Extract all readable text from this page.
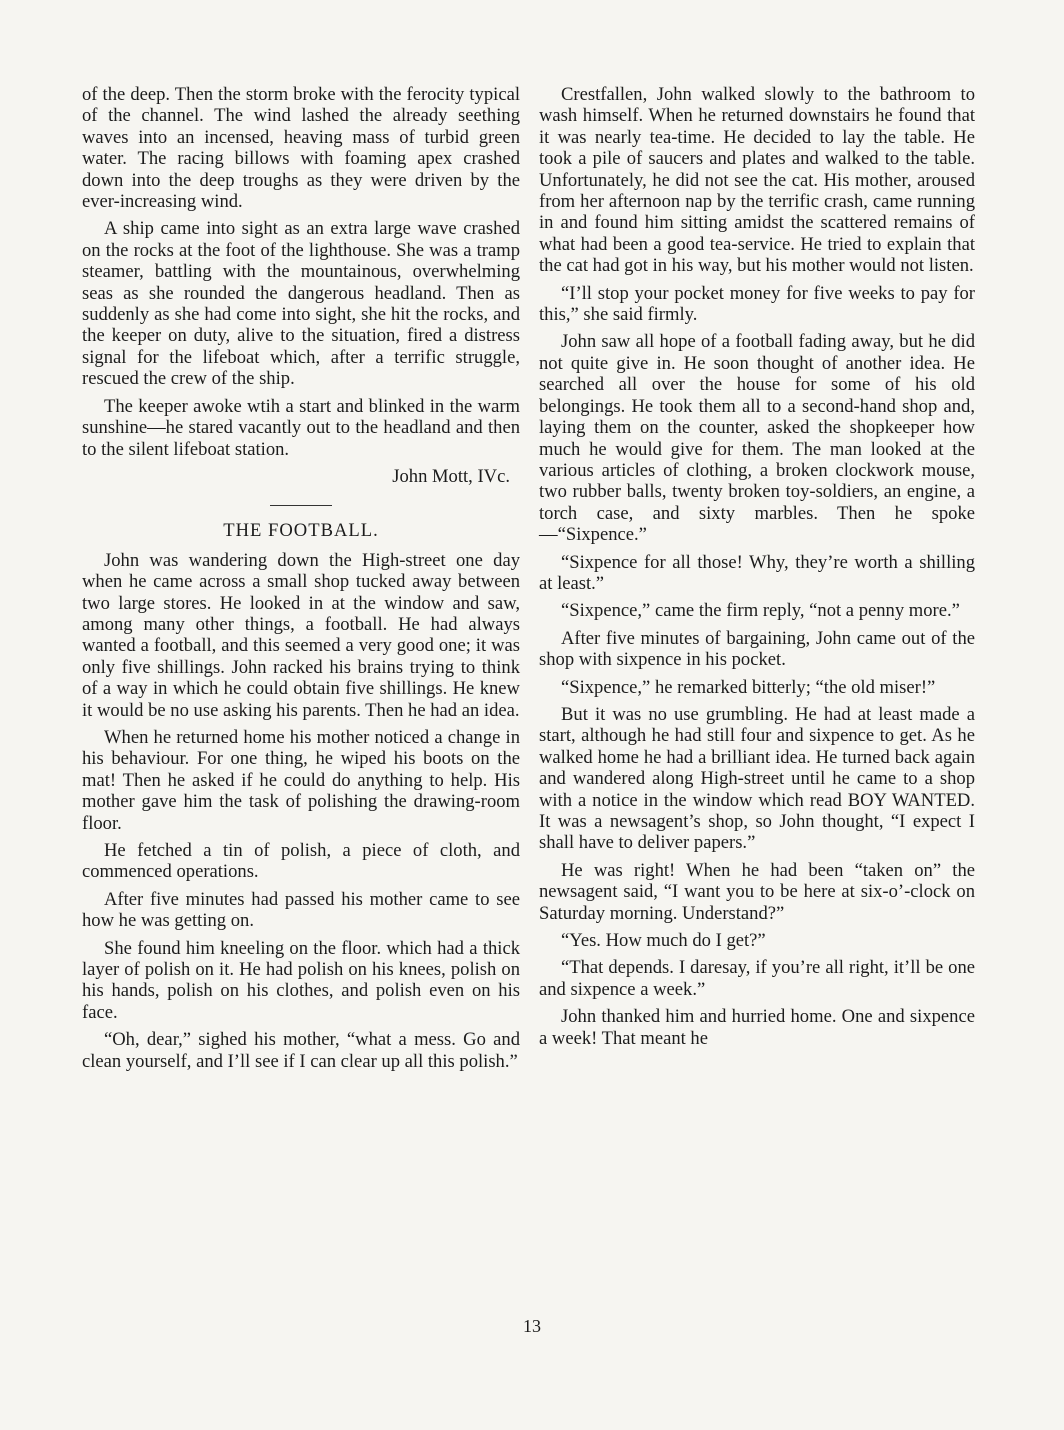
of the deep. Then the storm broke with the ferocity typical of the channel. The wind lashed the already seething waves into an incensed, heaving mass of turbid green water. The racing billows with foaming apex crashed down into the deep troughs as they were driven by the ever-increasing wind.

A ship came into sight as an extra large wave crashed on the rocks at the foot of the lighthouse. She was a tramp steamer, battling with the mountainous, overwhelming seas as she rounded the dangerous headland. Then as suddenly as she had come into sight, she hit the rocks, and the keeper on duty, alive to the situation, fired a distress signal for the lifeboat which, after a terrific struggle, rescued the crew of the ship.

The keeper awoke wtih a start and blinked in the warm sunshine—he stared vacantly out to the headland and then to the silent lifeboat station.

John Mott, IVc.
THE FOOTBALL.

John was wandering down the High-street one day when he came across a small shop tucked away between two large stores. He looked in at the window and saw, among many other things, a football. He had always wanted a football, and this seemed a very good one; it was only five shillings. John racked his brains trying to think of a way in which he could obtain five shillings. He knew it would be no use asking his parents. Then he had an idea.

When he returned home his mother noticed a change in his behaviour. For one thing, he wiped his boots on the mat! Then he asked if he could do anything to help. His mother gave him the task of polishing the drawing-room floor.

He fetched a tin of polish, a piece of cloth, and commenced operations.

After five minutes had passed his mother came to see how he was getting on.

She found him kneeling on the floor. which had a thick layer of polish on it. He had polish on his knees, polish on his hands, polish on his clothes, and polish even on his face.

“Oh, dear,” sighed his mother, “what a mess. Go and clean yourself, and I’ll see if I can clear up all this polish.”

Crestfallen, John walked slowly to the bathroom to wash himself. When he returned downstairs he found that it was nearly tea-time. He decided to lay the table. He took a pile of saucers and plates and walked to the table. Unfortunately, he did not see the cat. His mother, aroused from her afternoon nap by the terrific crash, came running in and found him sitting amidst the scattered remains of what had been a good tea-service. He tried to explain that the cat had got in his way, but his mother would not listen.

“I’ll stop your pocket money for five weeks to pay for this,” she said firmly.

John saw all hope of a football fading away, but he did not quite give in. He soon thought of another idea. He searched all over the house for some of his old belongings. He took them all to a second-hand shop and, laying them on the counter, asked the shopkeeper how much he would give for them. The man looked at the various articles of clothing, a broken clockwork mouse, two rubber balls, twenty broken toy-soldiers, an engine, a torch case, and sixty marbles. Then he spoke—“Sixpence.”

“Sixpence for all those! Why, they’re worth a shilling at least.”

“Sixpence,” came the firm reply, “not a penny more.”

After five minutes of bargaining, John came out of the shop with sixpence in his pocket.

“Sixpence,” he remarked bitterly; “the old miser!”

But it was no use grumbling. He had at least made a start, although he had still four and sixpence to get. As he walked home he had a brilliant idea. He turned back again and wandered along High-street until he came to a shop with a notice in the window which read BOY WANTED. It was a newsagent’s shop, so John thought, “I expect I shall have to deliver papers.”

He was right! When he had been “taken on” the newsagent said, “I want you to be here at six-o’-clock on Saturday morning. Understand?”

“Yes. How much do I get?”

“That depends. I daresay, if you’re all right, it’ll be one and sixpence a week.”

John thanked him and hurried home. One and sixpence a week! That meant he

13
